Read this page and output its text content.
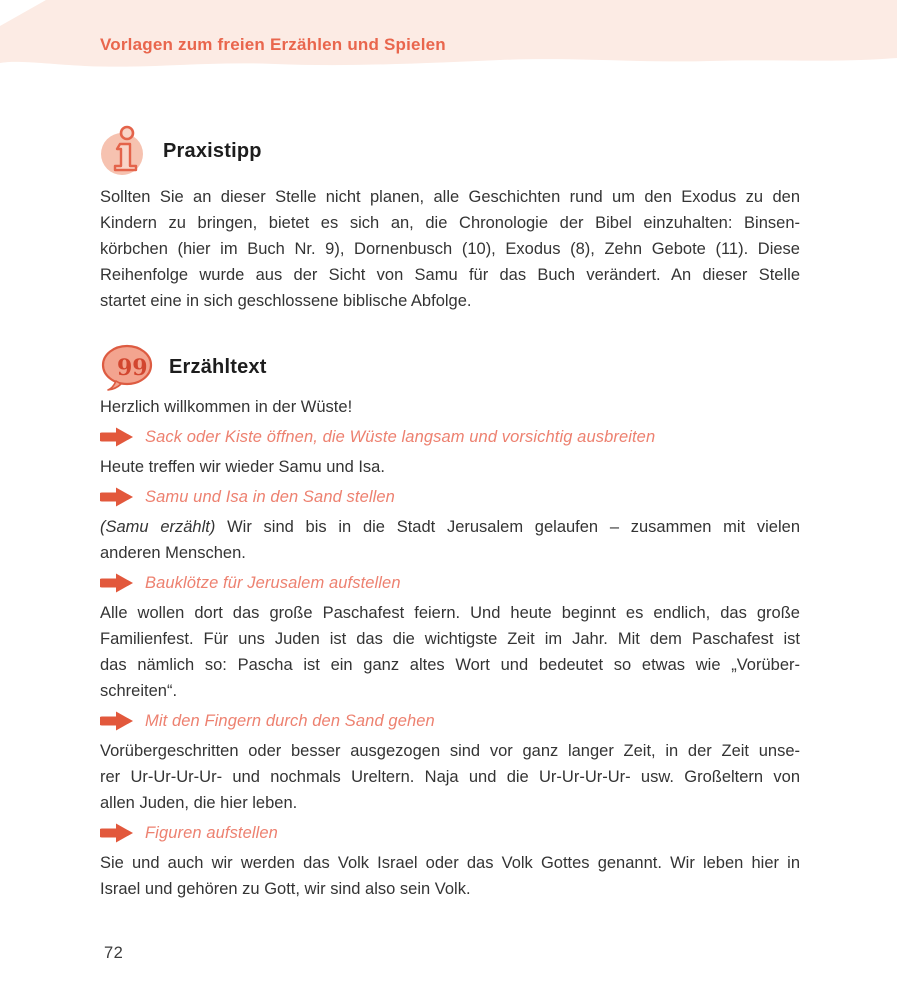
Vorlagen zum freien Erzählen und Spielen
Praxistipp
Sollten Sie an dieser Stelle nicht planen, alle Geschichten rund um den Exodus zu den
Kindern zu bringen, bietet es sich an, die Chronologie der Bibel einzuhalten: Binsen-
körbchen (hier im Buch Nr. 9), Dornenbusch (10), Exodus (8), Zehn Gebote (11). Diese
Reihenfolge wurde aus der Sicht von Samu für das Buch verändert. An dieser Stelle
startet eine in sich geschlossene biblische Abfolge.
99 Erzähltext
Herzlich willkommen in der Wüste!
Sack oder Kiste öffnen, die Wüste langsam und vorsichtig ausbreiten
Heute treffen wir wieder Samu und Isa.
Samu und Isa in den Sand stellen
(Samu erzählt) Wir sind bis in die Stadt Jerusalem gelaufen – zusammen mit vielen
anderen Menschen.
Bauklötze für Jerusalem aufstellen
Alle wollen dort das große Paschafest feiern. Und heute beginnt es endlich, das große
Familienfest. Für uns Juden ist das die wichtigste Zeit im Jahr. Mit dem Paschafest ist
das nämlich so: Pascha ist ein ganz altes Wort und bedeutet so etwas wie „Vorüber-
schreiten“.
Mit den Fingern durch den Sand gehen
Vorübergeschritten oder besser ausgezogen sind vor ganz langer Zeit, in der Zeit unse-
rer Ur-Ur-Ur-Ur- und nochmals Ureltern. Naja und die Ur-Ur-Ur-Ur- usw. Großeltern von
allen Juden, die hier leben.
Figuren aufstellen
Sie und auch wir werden das Volk Israel oder das Volk Gottes genannt. Wir leben hier in
Israel und gehören zu Gott, wir sind also sein Volk.
72
